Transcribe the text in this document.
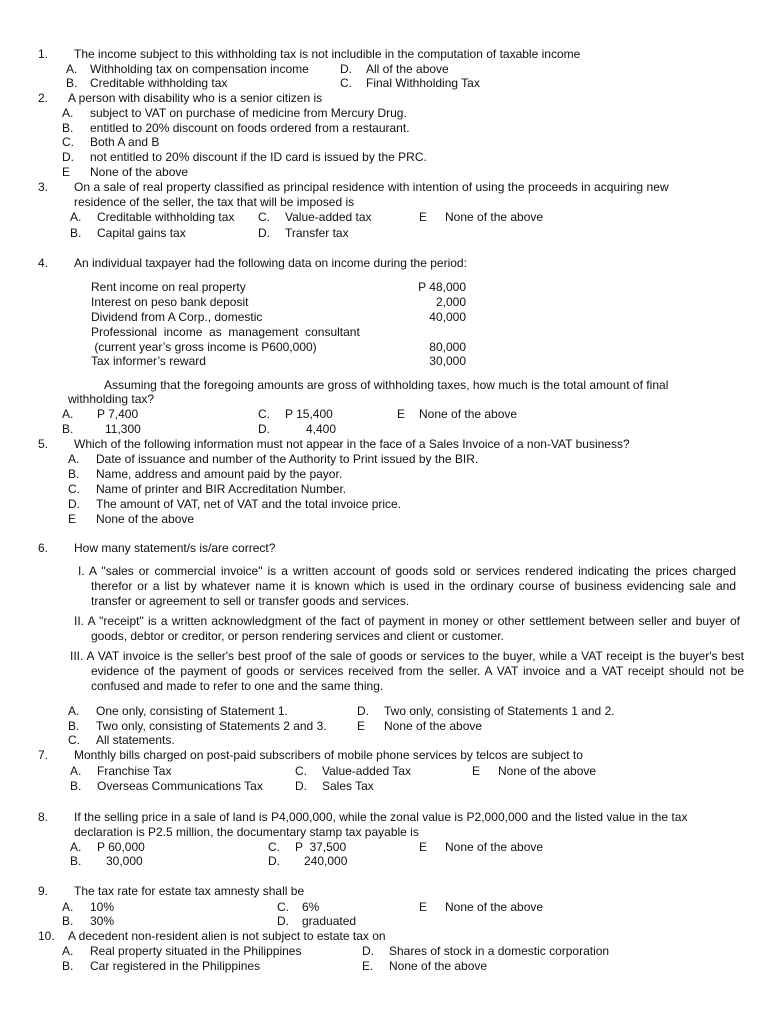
1. The income subject to this withholding tax is not includible in the computation of taxable income
A. Withholding tax on compensation income	D. All of the above
B. Creditable withholding tax	C. Final Withholding Tax
2. A person with disability who is a senior citizen is
A. subject to VAT on purchase of medicine from Mercury Drug.
B. entitled to 20% discount on foods ordered from a restaurant.
C. Both A and B
D. not entitled to 20% discount if the ID card is issued by the PRC.
E None of the above
3. On a sale of real property classified as principal residence with intention of using the proceeds in acquiring new
residence of the seller, the tax that will be imposed is
A. Creditable withholding tax C. Value-added tax	E None of the above
B. Capital gains tax	D. Transfer tax
4. An individual taxpayer had the following data on income during the period:
Rent income on real property	P 48,000
Interest on peso bank deposit	2,000
Dividend from A Corp., domestic	40,000
Professional  income  as  management  consultant
(current year’s gross income is P600,000)	80,000
Tax informer’s reward	30,000
Assuming that the foregoing amounts are gross of withholding taxes, how much is the total amount of final
withholding tax?
A. P 7,400	C. P 15,400	E None of the above
B.	11,300	D.	4,400
5. Which of the following information must not appear in the face of a Sales Invoice of a non-VAT business?
A. Date of issuance and number of the Authority to Print issued by the BIR.
B. Name, address and amount paid by the payor.
C. Name of printer and BIR Accreditation Number.
D. The amount of VAT, net of VAT and the total invoice price.
E None of the above
6. How many statement/s is/are correct?
I. A "sales or commercial invoice" is a written account of goods sold or services rendered indicating the prices charged therefor or a list by whatever name it is known which is used in the ordinary course of business evidencing sale and transfer or agreement to sell or transfer goods and services.
II. A "receipt" is a written acknowledgment of the fact of payment in money or other settlement between seller and buyer of goods, debtor or creditor, or person rendering services and client or customer.
III. A VAT invoice is the seller's best proof of the sale of goods or services to the buyer, while a VAT receipt is the buyer's best evidence of the payment of goods or services received from the seller. A VAT invoice and a VAT receipt should not be confused and made to refer to one and the same thing.
A. One only, consisting of Statement 1.	D. Two only, consisting of Statements 1 and 2.
B. Two only, consisting of Statements 2 and 3.	E None of the above
C. All statements.
7. Monthly bills charged on post-paid subscribers of mobile phone services by telcos are subject to
A. Franchise Tax	C. Value-added Tax	E None of the above
B. Overseas Communications Tax	D. Sales Tax
8. If the selling price in a sale of land is P4,000,000, while the zonal value is P2,000,000 and the listed value in the tax
declaration is P2.5 million, the documentary stamp tax payable is
A. P 60,000	C. P  37,500	E None of the above
B. 30,000	D. 240,000
9. The tax rate for estate tax amnesty shall be
A. 10%	C. 6%	E None of the above
B. 30%	D. graduated
10. A decedent non-resident alien is not subject to estate tax on
A. Real property situated in the Philippines	D. Shares of stock in a domestic corporation
B. Car registered in the Philippines	E. None of the above
